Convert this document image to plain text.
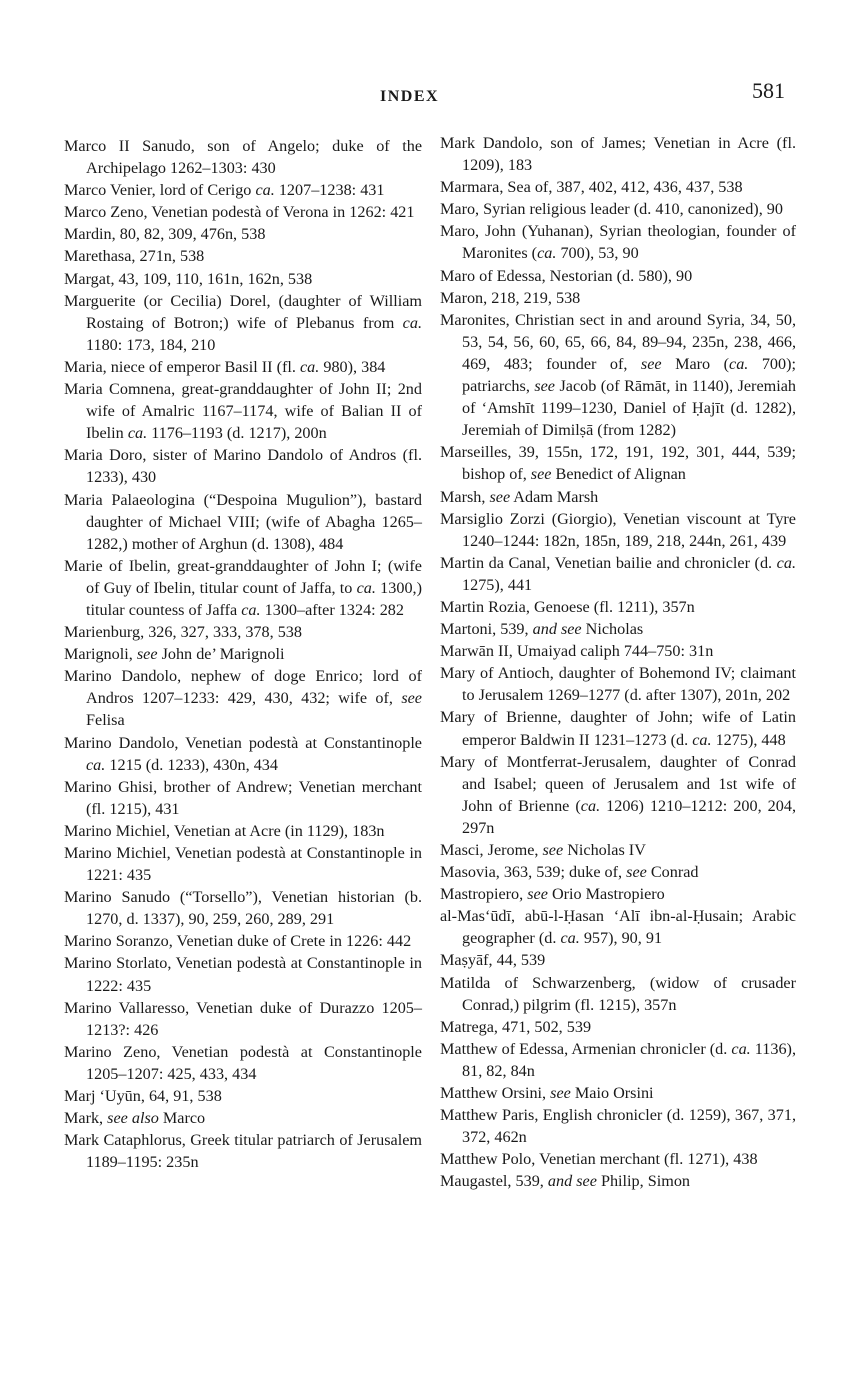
INDEX	581

Marco II Sanudo, son of Angelo; duke of the Archipelago 1262–1303: 430

Marco Venier, lord of Cerigo ca. 1207–1238: 431

Marco Zeno, Venetian podestà of Verona in 1262: 421

Mardin, 80, 82, 309, 476n, 538

Marethasa, 271n, 538

Margat, 43, 109, 110, 161n, 162n, 538

Marguerite (or Cecilia) Dorel, (daughter of William Rostaing of Botron;) wife of Plebanus from ca. 1180: 173, 184, 210

Maria, niece of emperor Basil II (fl. ca. 980), 384

Maria Comnena, great-granddaughter of John II; 2nd wife of Amalric 1167–1174, wife of Balian II of Ibelin ca. 1176–1193 (d. 1217), 200n

Maria Doro, sister of Marino Dandolo of Andros (fl. 1233), 430

Maria Palaeologina (“Despoina Mugulion”), bastard daughter of Michael VIII; (wife of Abagha 1265–1282,) mother of Arghun (d. 1308), 484

Marie of Ibelin, great-granddaughter of John I; (wife of Guy of Ibelin, titular count of Jaffa, to ca. 1300,) titular countess of Jaffa ca. 1300–after 1324: 282

Marienburg, 326, 327, 333, 378, 538

Marignoli, see John de’ Marignoli

Marino Dandolo, nephew of doge Enrico; lord of Andros 1207–1233: 429, 430, 432; wife of, see Felisa

Marino Dandolo, Venetian podestà at Constantinople ca. 1215 (d. 1233), 430n, 434

Marino Ghisi, brother of Andrew; Venetian merchant (fl. 1215), 431

Marino Michiel, Venetian at Acre (in 1129), 183n

Marino Michiel, Venetian podestà at Constantinople in 1221: 435

Marino Sanudo (“Torsello”), Venetian historian (b. 1270, d. 1337), 90, 259, 260, 289, 291

Marino Soranzo, Venetian duke of Crete in 1226: 442

Marino Storlato, Venetian podestà at Constantinople in 1222: 435

Marino Vallaresso, Venetian duke of Durazzo 1205–1213?: 426

Marino Zeno, Venetian podestà at Constantinople 1205–1207: 425, 433, 434

Marj ‘Uyūn, 64, 91, 538

Mark, see also Marco

Mark Cataphlorus, Greek titular patriarch of Jerusalem 1189–1195: 235n

Mark Dandolo, son of James; Venetian in Acre (fl. 1209), 183

Marmara, Sea of, 387, 402, 412, 436, 437, 538

Maro, Syrian religious leader (d. 410, canonized), 90

Maro, John (Yuhanan), Syrian theologian, founder of Maronites (ca. 700), 53, 90

Maro of Edessa, Nestorian (d. 580), 90

Maron, 218, 219, 538

Maronites, Christian sect in and around Syria, 34, 50, 53, 54, 56, 60, 65, 66, 84, 89–94, 235n, 238, 466, 469, 483; founder of, see Maro (ca. 700); patriarchs, see Jacob (of Rāmāt, in 1140), Jeremiah of ‘Amshīt 1199–1230, Daniel of Ḥajīt (d. 1282), Jeremiah of Dimilṣā (from 1282)

Marseilles, 39, 155n, 172, 191, 192, 301, 444, 539; bishop of, see Benedict of Alignan

Marsh, see Adam Marsh

Marsiglio Zorzi (Giorgio), Venetian viscount at Tyre 1240–1244: 182n, 185n, 189, 218, 244n, 261, 439

Martin da Canal, Venetian bailie and chronicler (d. ca. 1275), 441

Martin Rozia, Genoese (fl. 1211), 357n

Martoni, 539, and see Nicholas

Marwān II, Umaiyad caliph 744–750: 31n

Mary of Antioch, daughter of Bohemond IV; claimant to Jerusalem 1269–1277 (d. after 1307), 201n, 202

Mary of Brienne, daughter of John; wife of Latin emperor Baldwin II 1231–1273 (d. ca. 1275), 448

Mary of Montferrat-Jerusalem, daughter of Conrad and Isabel; queen of Jerusalem and 1st wife of John of Brienne (ca. 1206) 1210–1212: 200, 204, 297n

Masci, Jerome, see Nicholas IV

Masovia, 363, 539; duke of, see Conrad

Mastropiero, see Orio Mastropiero

al-Mas‘ūdī, abū-l-Ḥasan ‘Alī ibn-al-Ḥusain; Arabic geographer (d. ca. 957), 90, 91

Maṣyāf, 44, 539

Matilda of Schwarzenberg, (widow of crusader Conrad,) pilgrim (fl. 1215), 357n

Matrega, 471, 502, 539

Matthew of Edessa, Armenian chronicler (d. ca. 1136), 81, 82, 84n

Matthew Orsini, see Maio Orsini

Matthew Paris, English chronicler (d. 1259), 367, 371, 372, 462n

Matthew Polo, Venetian merchant (fl. 1271), 438

Maugastel, 539, and see Philip, Simon
